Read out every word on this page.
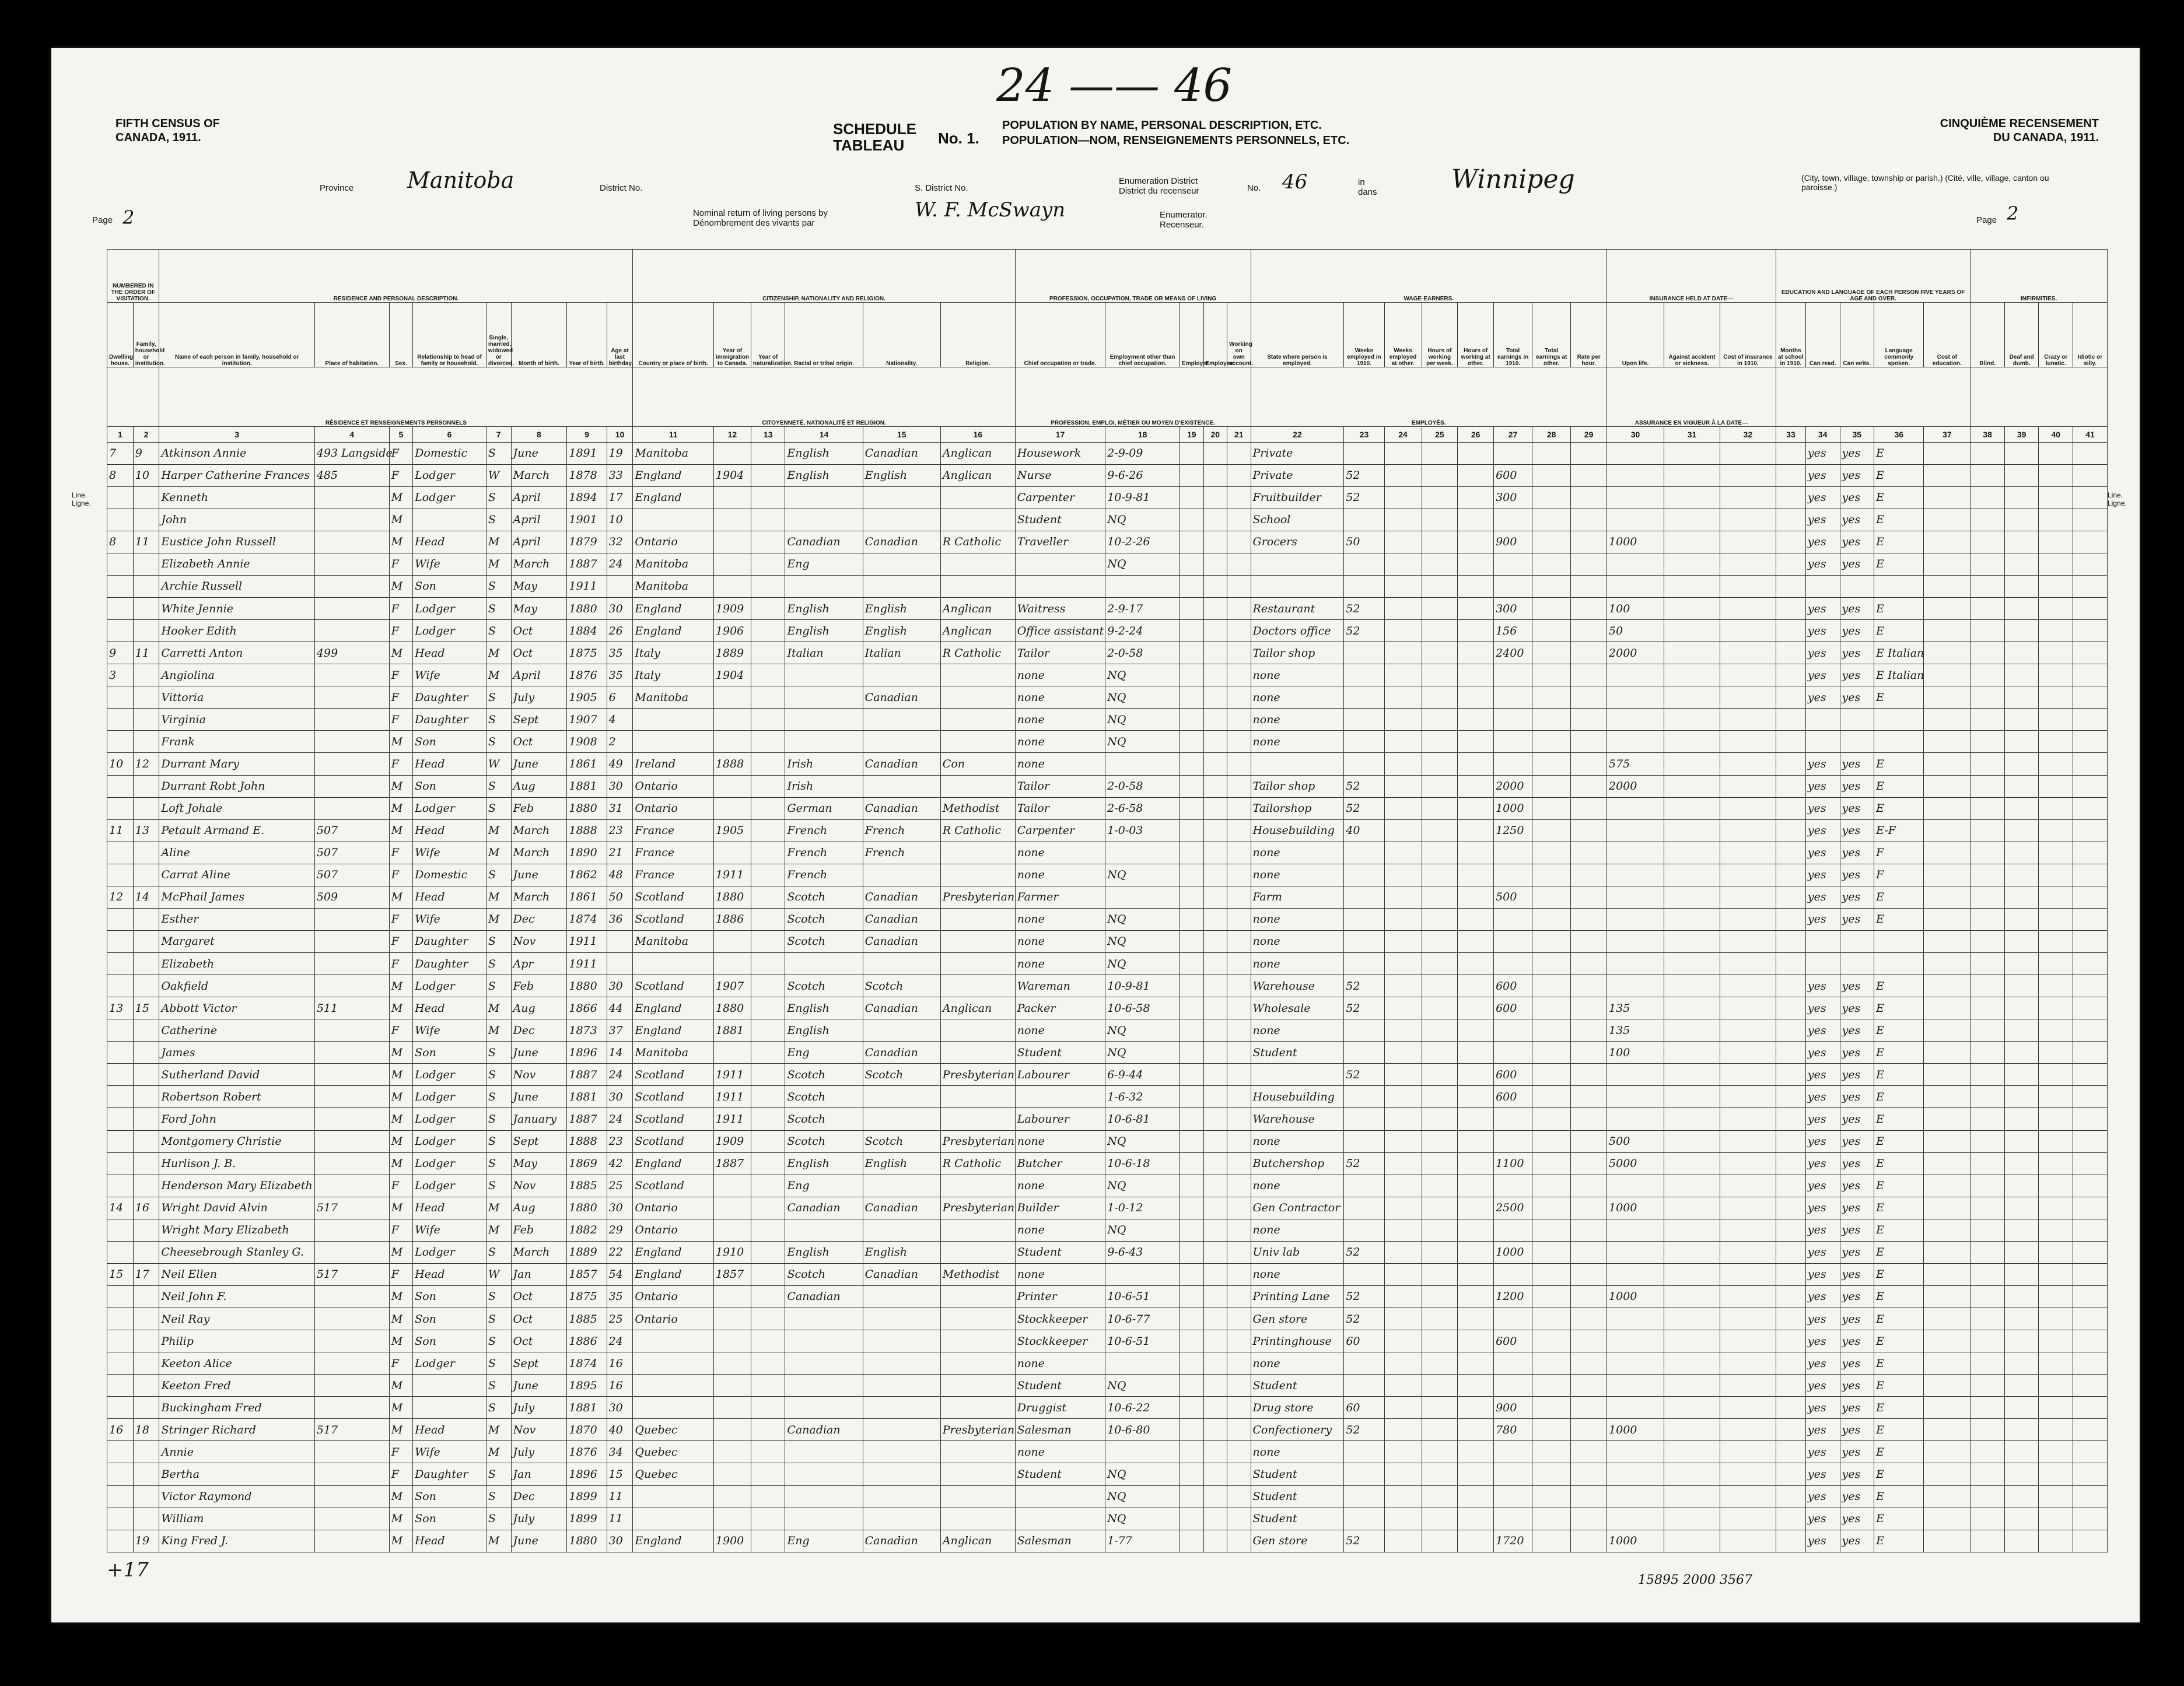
FIFTH CENSUS OF CANADA, 1911.
CINQUIÈME RECENSEMENT DU CANADA, 1911.
24 —— 46
SCHEDULE
TABLEAU	No. 1.
POPULATION BY NAME, PERSONAL DESCRIPTION, ETC.
POPULATION—NOM, RENSEIGNEMENTS PERSONNELS, ETC.
Province Manitoba	District No.	S. District No.
Enumeration District
District du recenseur	No. 46	in dans	Winnipeg	(City, town, village, township or parish.) (Cité, ville, village, canton ou paroisse.)
Page 2	Page 2
Nominal return of living persons by
Dénombrement des vivants par
W. F. McSwayn	Enumerator. Recenseur.
NUMBERED IN THE ORDER OF VISITATION.		RESIDENCE AND PERSONAL DESCRIPTION.								CITIZENSHIP, NATIONALITY AND RELIGION.						PROFESSION, OCCUPATION, TRADE OR MEANS OF LIVING					WAGE-EARNERS.								INSURANCE HELD AT DATE—			EDUCATION AND LANGUAGE OF EACH PERSON FIVE YEARS OF AGE AND OVER.					INFIRMITIES.			
Dwelling house.	Family, household or institution.	Name of each person in family, household or institution.	Place of habitation.	Sex.	Relationship to head of family or household.	Single, married, widowed or divorced.	Month of birth.	Year of birth.	Age at last birthday.	Country or place of birth.	Year of immigration to Canada.	Year of naturalization.	Racial or tribal origin.	Nationality.	Religion.	Chief occupation or trade.	Employment other than chief occupation.	Employer.	Employee.	Working on own account.	State where person is employed.	Weeks employed in 1910.	Weeks employed at other.	Hours of working per week.	Hours of working at other.	Total earnings in 1910.	Total earnings at other.	Rate per hour.	Upon life.	Against accident or sickness.	Cost of insurance in 1910.	Months at school in 1910.	Can read.	Can write.	Language commonly spoken.	Cost of education.	Blind.	Deaf and dumb.	Crazy or lunatic.	Idiotic or silly.
		RÉSIDENCE ET RENSEIGNEMENTS PERSONNELS								CITOYENNETÉ, NATIONALITÉ ET RELIGION.						PROFESSION, EMPLOI, MÉTIER OU MOYEN D'EXISTENCE.					EMPLOYÉS.								ASSURANCE EN VIGUEUR À LA DATE—											
1	2	3	4	5	6	7	8	9	10	11	12	13	14	15	16	17	18	19	20	21	22	23	24	25	26	27	28	29	30	31	32	33	34	35	36	37	38	39	40	41
7	9	Atkinson Annie	493 Langside	F	Domestic	S	June	1891	19	Manitoba			English	Canadian	Anglican	Housework	2-9-09				Private												yes	yes	E					
8	10	Harper Catherine Frances	485	F	Lodger	W	March	1878	33	England	1904		English	English	Anglican	Nurse	9-6-26				Private	52				600							yes	yes	E					
		Kenneth		M	Lodger	S	April	1894	17	England						Carpenter	10-9-81				Fruitbuilder	52				300							yes	yes	E					
		John		M		S	April	1901	10							Student	NQ				School												yes	yes	E					
8	11	Eustice John Russell		M	Head	M	April	1879	32	Ontario			Canadian	Canadian	R Catholic	Traveller	10-2-26				Grocers	50				900			1000				yes	yes	E					
		Elizabeth Annie		F	Wife	M	March	1887	24	Manitoba			Eng				NQ																yes	yes	E					
		Archie Russell		M	Son	S	May	1911		Manitoba																														
		White Jennie		F	Lodger	S	May	1880	30	England	1909		English	English	Anglican	Waitress	2-9-17				Restaurant	52				300			100				yes	yes	E					
		Hooker Edith		F	Lodger	S	Oct	1884	26	England	1906		English	English	Anglican	Office assistant	9-2-24				Doctors office	52				156			50				yes	yes	E					
9	11	Carretti Anton	499	M	Head	M	Oct	1875	35	Italy	1889		Italian	Italian	R Catholic	Tailor	2-0-58				Tailor shop					2400			2000				yes	yes	E Italian					
3		Angiolina		F	Wife	M	April	1876	35	Italy	1904					none	NQ				none												yes	yes	E Italian					
		Vittoria		F	Daughter	S	July	1905	6	Manitoba				Canadian		none	NQ				none												yes	yes	E					
		Virginia		F	Daughter	S	Sept	1907	4							none	NQ				none																			
		Frank		M	Son	S	Oct	1908	2							none	NQ				none																			
10	12	Durrant Mary		F	Head	W	June	1861	49	Ireland	1888		Irish	Canadian	Con	none													575				yes	yes	E					
		Durrant Robt John		M	Son	S	Aug	1881	30	Ontario			Irish			Tailor	2-0-58				Tailor shop	52				2000			2000				yes	yes	E					
		Loft Johale		M	Lodger	S	Feb	1880	31	Ontario			German	Canadian	Methodist	Tailor	2-6-58				Tailorshop	52				1000							yes	yes	E					
11	13	Petault Armand E.	507	M	Head	M	March	1888	23	France	1905		French	French	R Catholic	Carpenter	1-0-03				Housebuilding	40				1250							yes	yes	E-F					
		Aline	507	F	Wife	M	March	1890	21	France			French	French		none					none												yes	yes	F					
		Carrat Aline	507	F	Domestic	S	June	1862	48	France	1911		French			none	NQ				none												yes	yes	F					
12	14	McPhail James	509	M	Head	M	March	1861	50	Scotland	1880		Scotch	Canadian	Presbyterian	Farmer					Farm					500							yes	yes	E					
		Esther		F	Wife	M	Dec	1874	36	Scotland	1886		Scotch	Canadian		none	NQ				none												yes	yes	E					
		Margaret		F	Daughter	S	Nov	1911		Manitoba			Scotch	Canadian		none	NQ				none																			
		Elizabeth		F	Daughter	S	Apr	1911								none	NQ				none																			
		Oakfield		M	Lodger	S	Feb	1880	30	Scotland	1907		Scotch	Scotch		Wareman	10-9-81				Warehouse	52				600							yes	yes	E					
13	15	Abbott Victor	511	M	Head	M	Aug	1866	44	England	1880		English	Canadian	Anglican	Packer	10-6-58				Wholesale	52				600			135				yes	yes	E					
		Catherine		F	Wife	M	Dec	1873	37	England	1881		English			none	NQ				none								135				yes	yes	E					
		James		M	Son	S	June	1896	14	Manitoba			Eng	Canadian		Student	NQ				Student								100				yes	yes	E					
		Sutherland David		M	Lodger	S	Nov	1887	24	Scotland	1911		Scotch	Scotch	Presbyterian	Labourer	6-9-44					52				600							yes	yes	E					
		Robertson Robert		M	Lodger	S	June	1881	30	Scotland	1911		Scotch				1-6-32				Housebuilding					600							yes	yes	E					
		Ford John		M	Lodger	S	January	1887	24	Scotland	1911		Scotch			Labourer	10-6-81				Warehouse												yes	yes	E					
		Montgomery Christie		M	Lodger	S	Sept	1888	23	Scotland	1909		Scotch	Scotch	Presbyterian	none	NQ				none								500				yes	yes	E					
		Hurlison J. B.		M	Lodger	S	May	1869	42	England	1887		English	English	R Catholic	Butcher	10-6-18				Butchershop	52				1100			5000				yes	yes	E					
		Henderson Mary Elizabeth		F	Lodger	S	Nov	1885	25	Scotland			Eng			none	NQ				none												yes	yes	E					
14	16	Wright David Alvin	517	M	Head	M	Aug	1880	30	Ontario			Canadian	Canadian	Presbyterian	Builder	1-0-12				Gen Contractor					2500			1000				yes	yes	E					
		Wright Mary Elizabeth		F	Wife	M	Feb	1882	29	Ontario						none	NQ				none												yes	yes	E					
		Cheesebrough Stanley G.		M	Lodger	S	March	1889	22	England	1910		English	English		Student	9-6-43				Univ lab	52				1000							yes	yes	E					
15	17	Neil Ellen	517	F	Head	W	Jan	1857	54	England	1857		Scotch	Canadian	Methodist	none					none												yes	yes	E					
		Neil John F.		M	Son	S	Oct	1875	35	Ontario			Canadian			Printer	10-6-51				Printing Lane	52				1200			1000				yes	yes	E					
		Neil Ray		M	Son	S	Oct	1885	25	Ontario						Stockkeeper	10-6-77				Gen store	52											yes	yes	E					
		Philip		M	Son	S	Oct	1886	24							Stockkeeper	10-6-51				Printinghouse	60				600							yes	yes	E					
		Keeton Alice		F	Lodger	S	Sept	1874	16							none					none												yes	yes	E					
		Keeton Fred		M		S	June	1895	16							Student	NQ				Student												yes	yes	E					
		Buckingham Fred		M		S	July	1881	30							Druggist	10-6-22				Drug store	60				900							yes	yes	E					
16	18	Stringer Richard	517	M	Head	M	Nov	1870	40	Quebec			Canadian		Presbyterian	Salesman	10-6-80				Confectionery	52				780			1000				yes	yes	E					
		Annie		F	Wife	M	July	1876	34	Quebec						none					none												yes	yes	E					
		Bertha		F	Daughter	S	Jan	1896	15	Quebec						Student	NQ				Student												yes	yes	E					
		Victor Raymond		M	Son	S	Dec	1899	11								NQ				Student												yes	yes	E					
		William		M	Son	S	July	1899	11								NQ				Student												yes	yes	E					
	19	King Fred J.		M	Head	M	June	1880	30	England	1900		Eng	Canadian	Anglican	Salesman	1-77				Gen store	52				1720			1000				yes	yes	E					
Line. Ligne.
Line. Ligne.
15895 2000 3567
+17
